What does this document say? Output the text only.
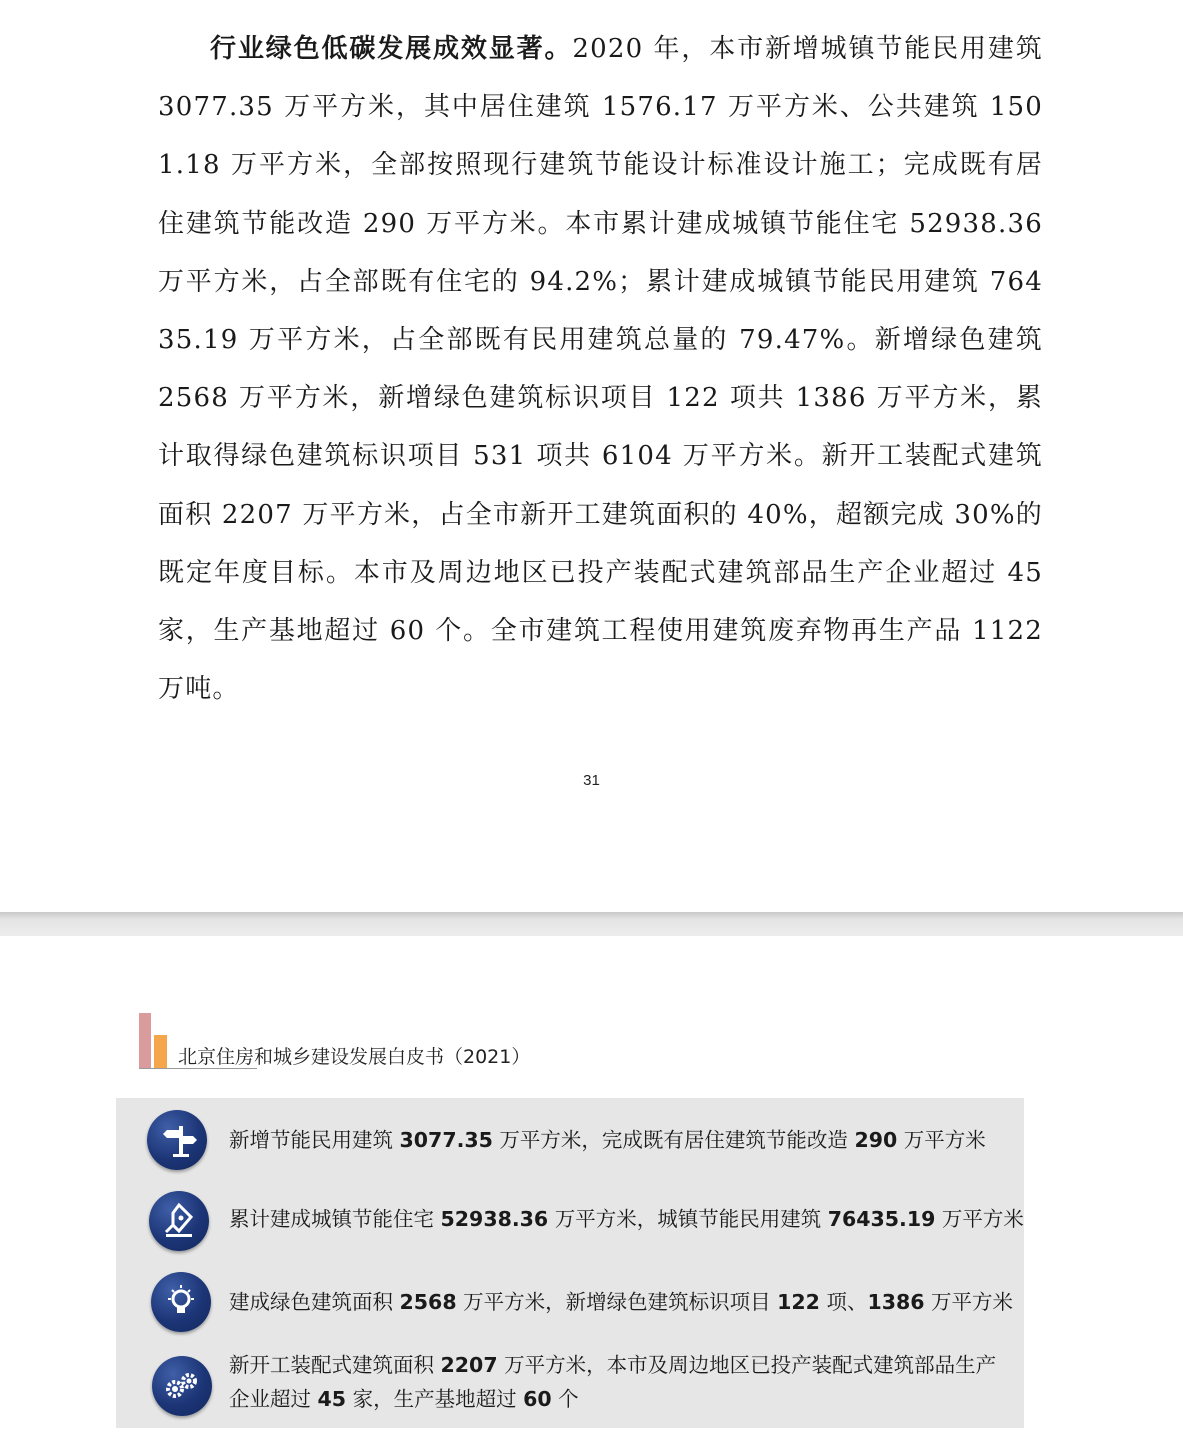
行业绿色低碳发展成效显著。2020 年，本市新增城镇节能民用建筑 3077.35 万平方米，其中居住建筑 1576.17 万平方米、公共建筑 1501.18 万平方米，全部按照现行建筑节能设计标准设计施工；完成既有居住建筑节能改造 290 万平方米。本市累计建成城镇节能住宅 52938.36 万平方米，占全部既有住宅的 94.2%；累计建成城镇节能民用建筑 76435.19 万平方米，占全部既有民用建筑总量的 79.47%。新增绿色建筑 2568 万平方米，新增绿色建筑标识项目 122 项共 1386 万平方米，累计取得绿色建筑标识项目 531 项共 6104 万平方米。新开工装配式建筑面积 2207 万平方米，占全市新开工建筑面积的 40%，超额完成 30%的既定年度目标。本市及周边地区已投产装配式建筑部品生产企业超过 45 家，生产基地超过 60 个。全市建筑工程使用建筑废弃物再生产品 1122 万吨。

31
北京住房和城乡建设发展白皮书（2021）
新增节能民用建筑 3077.35 万平方米，完成既有居住建筑节能改造 290 万平方米
累计建成城镇节能住宅 52938.36 万平方米，城镇节能民用建筑 76435.19 万平方米
建成绿色建筑面积 2568 万平方米，新增绿色建筑标识项目 122 项、1386 万平方米
新开工装配式建筑面积 2207 万平方米，本市及周边地区已投产装配式建筑部品生产
企业超过 45 家，生产基地超过 60 个
